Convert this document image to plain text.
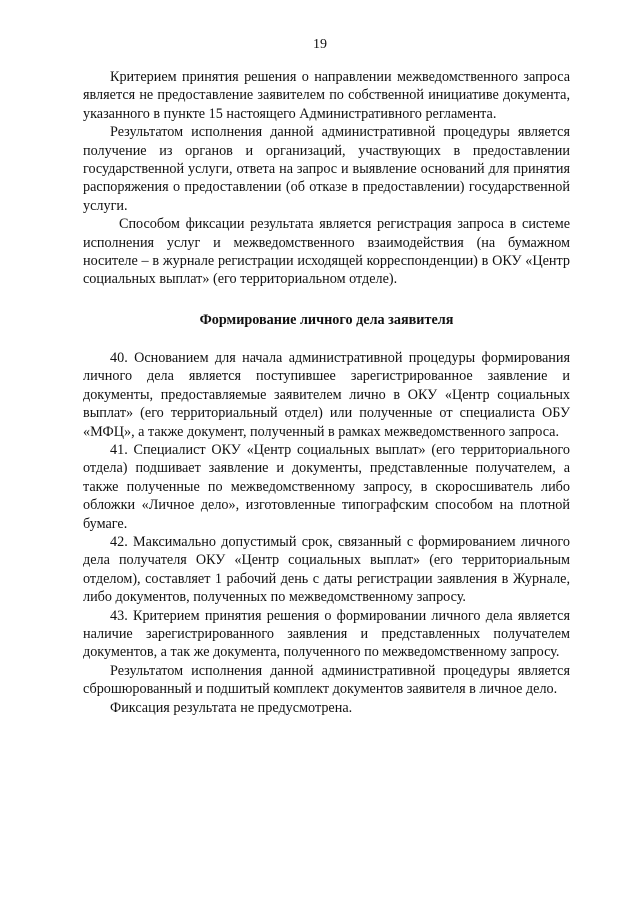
19

Критерием принятия решения о направлении межведомственного запроса является не предоставление заявителем по собственной инициативе документа, указанного в пункте 15 настоящего Административного регламента.

Результатом исполнения данной административной процедуры является получение из органов и организаций, участвующих в предоставлении государственной услуги, ответа на запрос и выявление оснований для принятия распоряжения о предоставлении (об отказе в предоставлении) государственной услуги.

Способом фиксации результата является регистрация запроса в системе исполнения услуг и межведомственного взаимодействия (на бумажном носителе – в журнале регистрации исходящей корреспонденции) в ОКУ «Центр социальных выплат» (его территориальном отделе).

Формирование личного дела заявителя

40. Основанием для начала административной процедуры формирования личного дела является поступившее зарегистрированное заявление и документы, предоставляемые заявителем лично в ОКУ «Центр социальных выплат» (его территориальный отдел) или полученные от специалиста ОБУ «МФЦ», а также документ, полученный в рамках межведомственного запроса.

41. Специалист ОКУ «Центр социальных выплат» (его территориального отдела) подшивает заявление и документы, представленные получателем, а также полученные по межведомственному запросу, в скоросшиватель либо обложки «Личное дело», изготовленные типографским способом на плотной бумаге.

42. Максимально допустимый срок, связанный с формированием личного дела получателя ОКУ «Центр социальных выплат» (его территориальным отделом), составляет 1 рабочий день с даты регистрации заявления в Журнале, либо документов, полученных по межведомственному запросу.

43. Критерием принятия решения о формировании личного дела является наличие зарегистрированного заявления и представленных получателем документов, а так же документа, полученного по межведомственному запросу.

Результатом исполнения данной административной процедуры является сброшюрованный и подшитый комплект документов заявителя в личное дело.

Фиксация результата не предусмотрена.
